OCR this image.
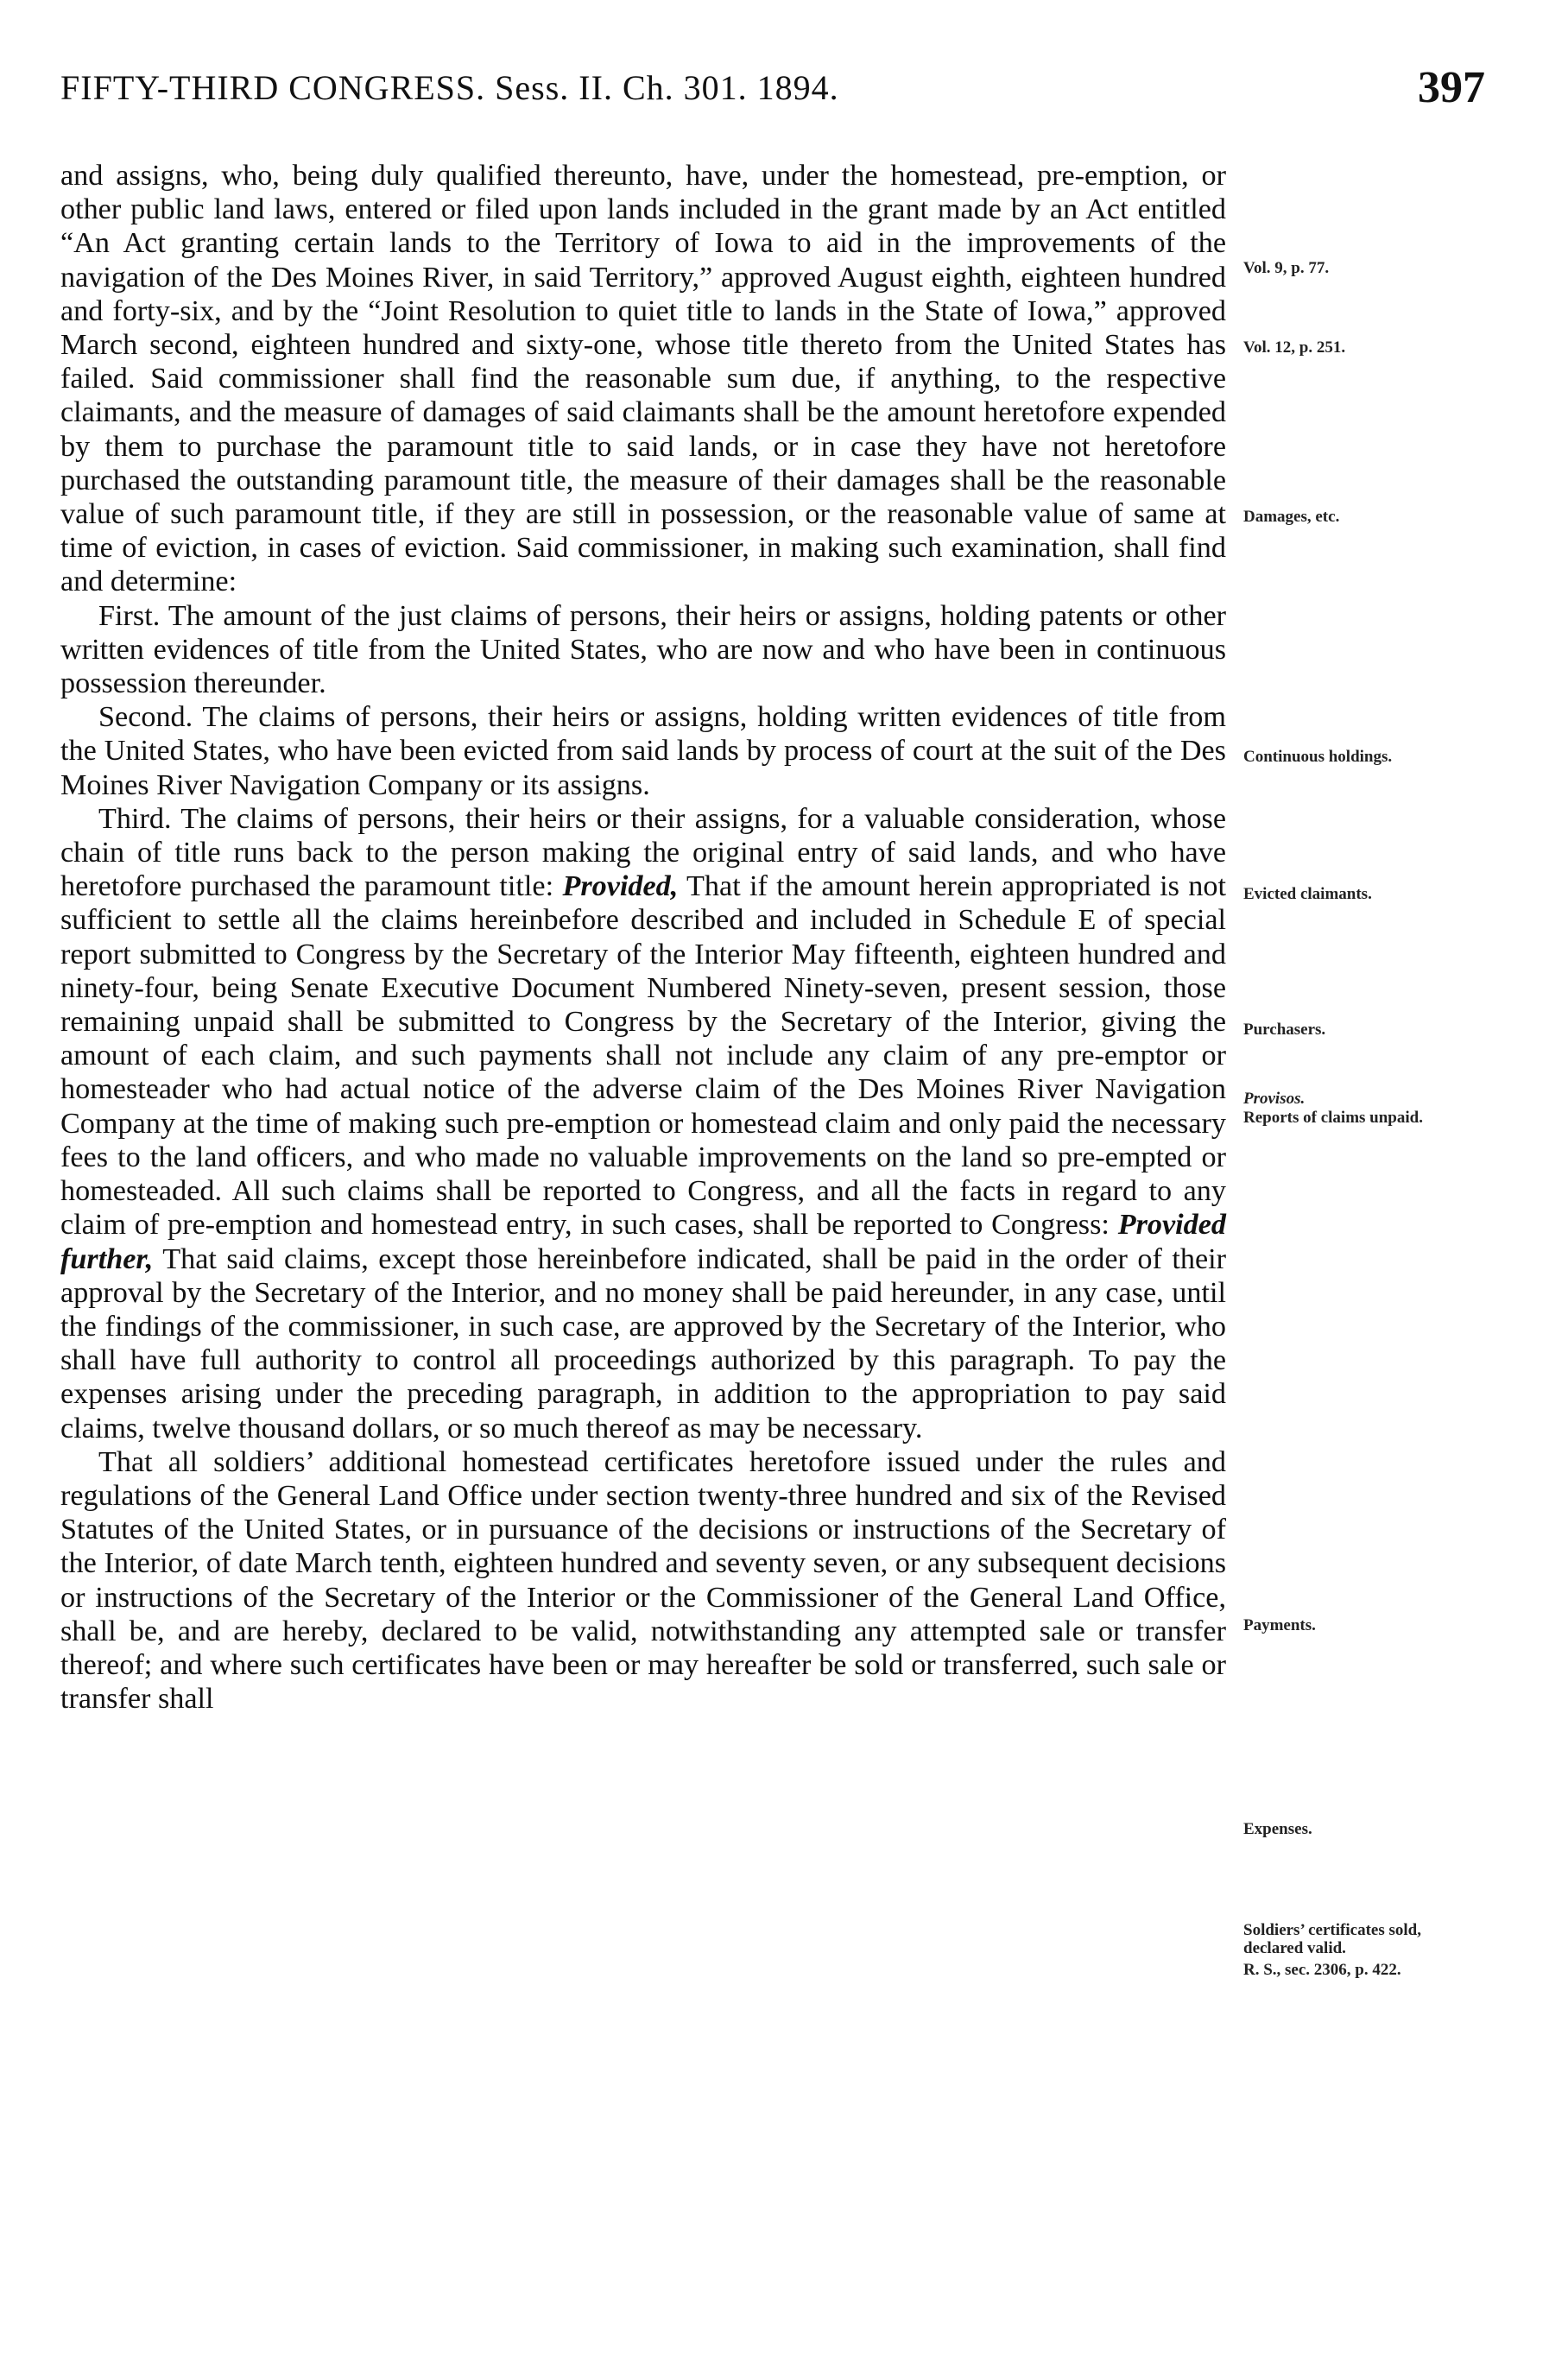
FIFTY-THIRD CONGRESS. Sess. II. Ch. 301. 1894.	397

and assigns, who, being duly qualified thereunto, have, under the homestead, pre-emption, or other public land laws, entered or filed upon lands included in the grant made by an Act entitled “An Act granting certain lands to the Territory of Iowa to aid in the improvements of the navigation of the Des Moines River, in said Territory,” approved August eighth, eighteen hundred and forty-six, and by the “Joint Resolution to quiet title to lands in the State of Iowa,” approved March second, eighteen hundred and sixty-one, whose title thereto from the United States has failed. Said commissioner shall find the reasonable sum due, if anything, to the respective claimants, and the measure of damages of said claimants shall be the amount heretofore expended by them to purchase the paramount title to said lands, or in case they have not heretofore purchased the outstanding paramount title, the measure of their damages shall be the reasonable value of such paramount title, if they are still in possession, or the reasonable value of same at time of eviction, in cases of eviction. Said commissioner, in making such examination, shall find and determine:

First. The amount of the just claims of persons, their heirs or assigns, holding patents or other written evidences of title from the United States, who are now and who have been in continuous possession thereunder.

Second. The claims of persons, their heirs or assigns, holding written evidences of title from the United States, who have been evicted from said lands by process of court at the suit of the Des Moines River Navigation Company or its assigns.

Third. The claims of persons, their heirs or their assigns, for a valuable consideration, whose chain of title runs back to the person making the original entry of said lands, and who have heretofore purchased the paramount title: Provided, That if the amount herein appropriated is not sufficient to settle all the claims hereinbefore described and included in Schedule E of special report submitted to Congress by the Secretary of the Interior May fifteenth, eighteen hundred and ninety-four, being Senate Executive Document Numbered Ninety-seven, present session, those remaining unpaid shall be submitted to Congress by the Secretary of the Interior, giving the amount of each claim, and such payments shall not include any claim of any pre-emptor or homesteader who had actual notice of the adverse claim of the Des Moines River Navigation Company at the time of making such pre-emption or homestead claim and only paid the necessary fees to the land officers, and who made no valuable improvements on the land so pre-empted or homesteaded. All such claims shall be reported to Congress, and all the facts in regard to any claim of pre-emption and homestead entry, in such cases, shall be reported to Congress: Provided further, That said claims, except those hereinbefore indicated, shall be paid in the order of their approval by the Secretary of the Interior, and no money shall be paid hereunder, in any case, until the findings of the commissioner, in such case, are approved by the Secretary of the Interior, who shall have full authority to control all proceedings authorized by this paragraph. To pay the expenses arising under the preceding paragraph, in addition to the appropriation to pay said claims, twelve thousand dollars, or so much thereof as may be necessary.

That all soldiers’ additional homestead certificates heretofore issued under the rules and regulations of the General Land Office under section twenty-three hundred and six of the Revised Statutes of the United States, or in pursuance of the decisions or instructions of the Secretary of the Interior, of date March tenth, eighteen hundred and seventy seven, or any subsequent decisions or instructions of the Secretary of the Interior or the Commissioner of the General Land Office, shall be, and are hereby, declared to be valid, notwithstanding any attempted sale or transfer thereof; and where such certificates have been or may hereafter be sold or transferred, such sale or transfer shall

Vol. 9, p. 77.
Vol. 12, p. 251.
Damages, etc.
Continuous holdings.
Evicted claimants.
Purchasers.
Provisos.
Reports of claims unpaid.
Payments.
Expenses.
Soldiers’ certificates sold, declared valid.
R. S., sec. 2306, p. 422.
